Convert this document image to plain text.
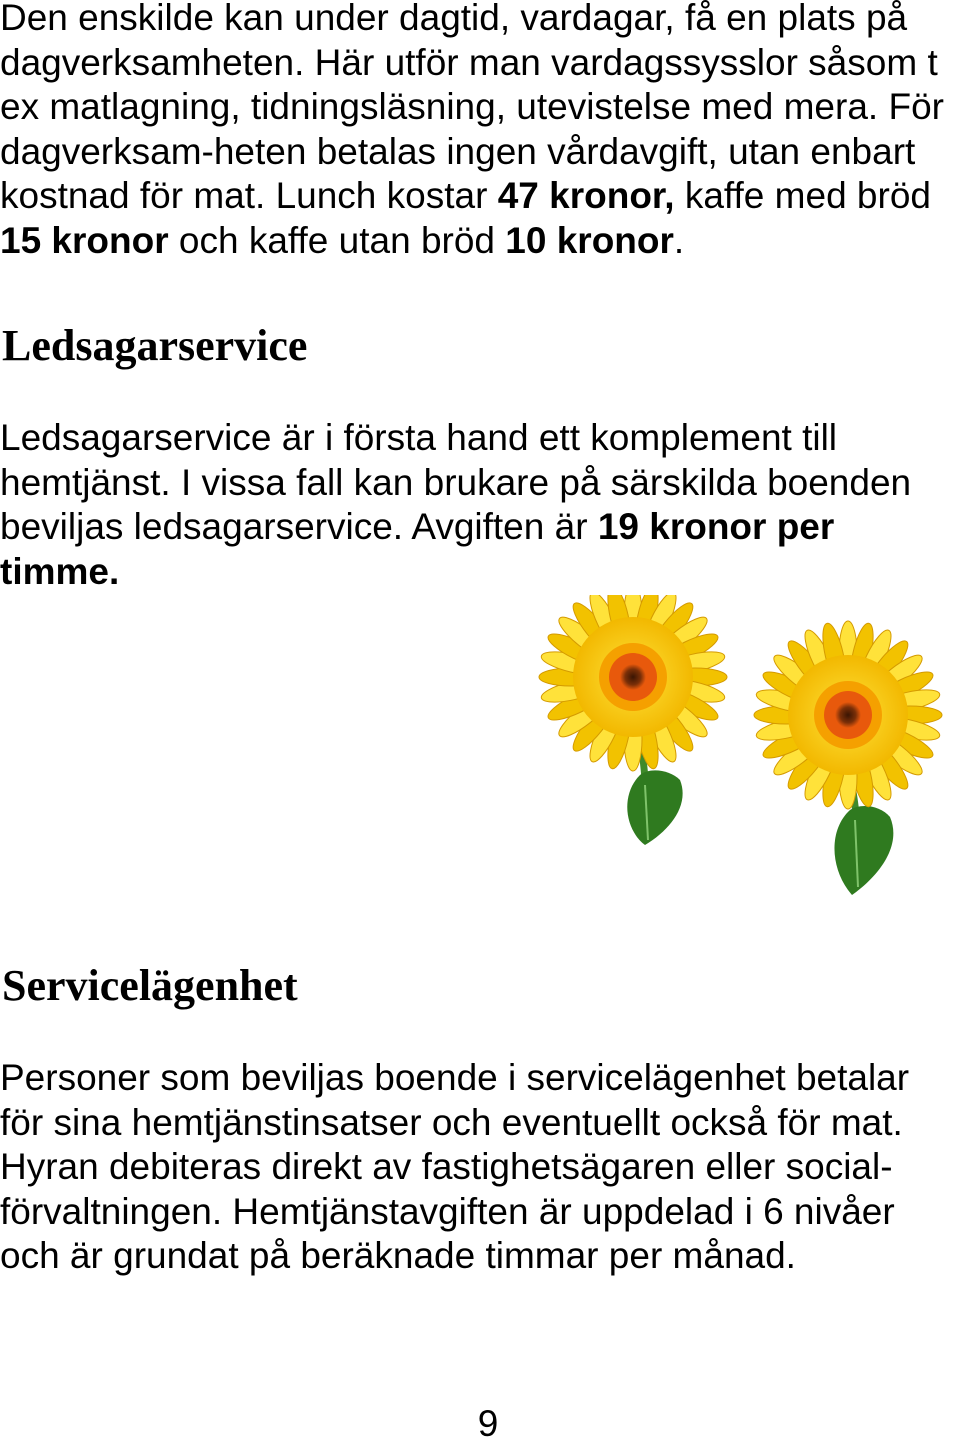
Den enskilde kan under dagtid, vardagar, få en plats på dagverksamheten. Här utför man vardagssysslor såsom t ex matlagning, tidningsläsning, utevistelse med mera. För dagverksam-heten betalas ingen vårdavgift, utan enbart kostnad för mat. Lunch kostar 47 kronor, kaffe med bröd 15 kronor och kaffe utan bröd 10 kronor.

Ledsagarservice

Ledsagarservice är i första hand ett komplement till hemtjänst. I vissa fall kan brukare på särskilda boenden beviljas ledsagarservice. Avgiften är 19 kronor per timme.

Servicelägenhet

Personer som beviljas boende i servicelägenhet betalar för sina hemtjänstinsatser och eventuellt också för mat. Hyran debiteras direkt av fastighetsägaren eller social-förvaltningen. Hemtjänstavgiften är uppdelad i 6 nivåer och är grundat på beräknade timmar per månad.

9
